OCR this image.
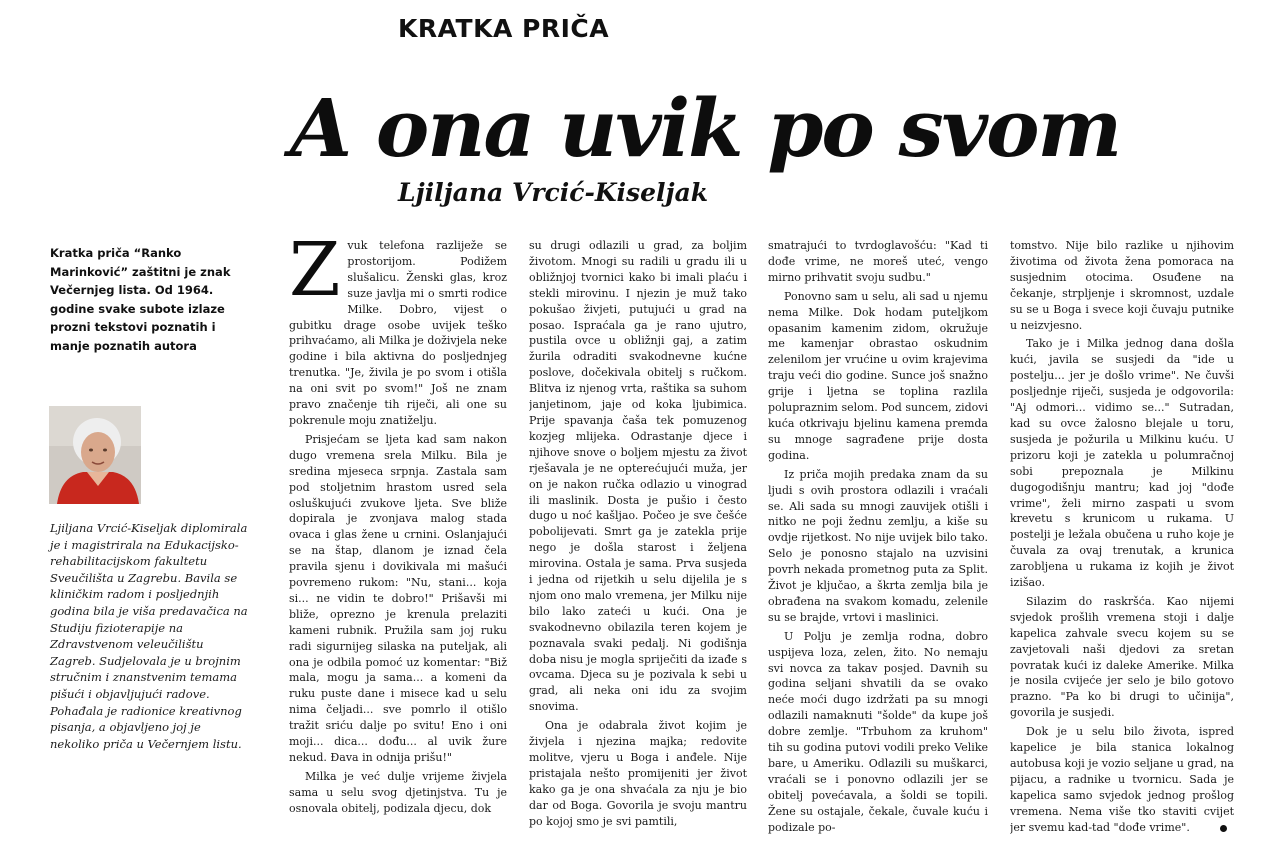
KRATKA PRIČA
A ona uvik po svom
Ljiljana Vrcić-Kiseljak
Kratka priča “Ranko Marinković” zaštitni je znak Večernjeg lista. Od 1964. godine svake subote izlaze prozni tekstovi poznatih i manje poznatih autora
Ljiljana Vrcić-Kiseljak diplomirala je i magistrirala na Edukacijsko-rehabilitacijskom fakultetu Sveučilišta u Zagrebu. Bavila se kliničkim radom i posljednjih godina bila je viša predavačica na Studiju fizioterapije na Zdravstvenom veleučilištu Zagreb. Sudjelovala je u brojnim stručnim i znanstvenim temama pišući i objavljujući radove. Pohađala je radionice kreativnog pisanja, a objavljeno joj je nekoliko priča u Večernjem listu.
Z vuk telefona razliježe se prostorijom. Podižem slušalicu. Ženski glas, kroz suze javlja mi o smrti rodice Milke. Dobro, vijest o gubitku drage osobe uvijek teško prihvaćamo, ali Milka je doživjela neke godine i bila aktivna do posljednjeg trenutka. "Je, živila je po svom i otišla na oni svit po svom!" Još ne znam pravo značenje tih riječi, ali one su pokrenule moju znatiželju.

Prisjećam se ljeta kad sam nakon dugo vremena srela Milku. Bila je sredina mjeseca srpnja. Zastala sam pod stoljetnim hrastom usred sela osluškujući zvukove ljeta. Sve bliže dopirala je zvonjava malog stada ovaca i glas žene u crnini. Oslanjajući se na štap, dlanom je iznad čela pravila sjenu i dovikivala mi mašući povremeno rukom: "Nu, stani... koja si... ne vidin te dobro!" Prišavši mi bliže, oprezno je krenula prelaziti kameni rubnik. Pružila sam joj ruku radi sigurnijeg silaska na puteljak, ali ona je odbila pomoć uz komentar: "Biž mala, mogu ja sama... a komeni da ruku puste dane i misece kad u selu nima čeljadi... sve pomrlo il otišlo tražit sriću dalje po svitu! Eno i oni moji... dica... dođu... al uvik žure nekud. Đava in odnija prišu!"

Milka je već dulje vrijeme živjela sama u selu svog djetinjstva. Tu je osnovala obitelj, podizala djecu, dok

su drugi odlazili u grad, za boljim životom. Mnogi su radili u gradu ili u obližnjoj tvornici kako bi imali plaću i stekli mirovinu. I njezin je muž tako pokušao živjeti, putujući u grad na posao. Ispraćala ga je rano ujutro, pustila ovce u obližnji gaj, a zatim žurila odraditi svakodnevne kućne poslove, dočekivala obitelj s ručkom. Blitva iz njenog vrta, raštika sa suhom janjetinom, jaje od koka ljubimica. Prije spavanja čaša tek pomuzenog kozjeg mlijeka. Odrastanje djece i njihove snove o boljem mjestu za život rješavala je ne opterećujući muža, jer on je nakon ručka odlazio u vinograd ili maslinik. Dosta je pušio i često dugo u noć kašljao. Počeo je sve češće pobolijevati. Smrt ga je zatekla prije nego je došla starost i željena mirovina. Ostala je sama. Prva susjeda i jedna od rijetkih u selu dijelila je s njom ono malo vremena, jer Milku nije bilo lako zateći u kući. Ona je svakodnevno obilazila teren kojem je poznavala svaki pedalj. Ni godišnja doba nisu je mogla spriječiti da izađe s ovcama. Djeca su je pozivala k sebi u grad, ali neka oni idu za svojim snovima.

Ona je odabrala život kojim je živjela i njezina majka; redovite molitve, vjeru u Boga i anđele. Nije pristajala nešto promijeniti jer život kako ga je ona shvaćala za nju je bio dar od Boga. Govorila je svoju mantru po kojoj smo je svi pamtili,

smatrajući to tvrdoglavošću: "Kad ti dođe vrime, ne moreš uteć, vengo mirno prihvatit svoju sudbu."

Ponovno sam u selu, ali sad u njemu nema Milke. Dok hodam puteljkom opasanim kamenim zidom, okružuje me kamenjar obrastao oskudnim zelenilom jer vrućine u ovim krajevima traju veći dio godine. Sunce još snažno grije i ljetna se toplina razlila polupraznim selom. Pod suncem, zidovi kuća otkrivaju bjelinu kamena premda su mnoge sagrađene prije dosta godina.

Iz priča mojih predaka znam da su ljudi s ovih prostora odlazili i vraćali se. Ali sada su mnogi zauvijek otišli i nitko ne poji žednu zemlju, a kiše su ovdje rijetkost. No nije uvijek bilo tako. Selo je ponosno stajalo na uzvisini povrh nekada prometnog puta za Split. Život je ključao, a škrta zemlja bila je obrađena na svakom komadu, zelenile su se brajde, vrtovi i maslinici.

U Polju je zemlja rodna, dobro uspijeva loza, zelen, žito. No nemaju svi novca za takav posjed. Davnih su godina seljani shvatili da se ovako neće moći dugo izdržati pa su mnogi odlazili namaknuti "šolde" da kupe još dobre zemlje. "Trbuhom za kruhom" tih su godina putovi vodili preko Velike bare, u Ameriku. Odlazili su muškarci, vraćali se i ponovno odlazili jer se obitelj povećavala, a šoldi se topili. Žene su ostajale, čekale, čuvale kuću i podizale po-

tomstvo. Nije bilo razlike u njihovim životima od života žena pomoraca na susjednim otocima. Osuđene na čekanje, strpljenje i skromnost, uzdale su se u Boga i svece koji čuvaju putnike u neizvjesno.

Tako je i Milka jednog dana došla kući, javila se susjedi da "ide u postelju... jer je došlo vrime". Ne čuvši posljednje riječi, susjeda je odgovorila: "Aj odmori... vidimo se..." Sutradan, kad su ovce žalosno blejale u toru, susjeda je požurila u Milkinu kuću. U prizoru koji je zatekla u polumračnoj sobi prepoznala je Milkinu dugogodišnju mantru; kad joj "dođe vrime", želi mirno zaspati u svom krevetu s krunicom u rukama. U postelji je ležala obučena u ruho koje je čuvala za ovaj trenutak, a krunica zarobljena u rukama iz kojih je život izišao.

Silazim do raskršća. Kao nijemi svjedok prošlih vremena stoji i dalje kapelica zahvale svecu kojem su se zavjetovali naši djedovi za sretan povratak kući iz daleke Amerike. Milka je nosila cvijeće jer selo je bilo gotovo prazno. "Pa ko bi drugi to učinija", govorila je susjedi.

Dok je u selu bilo života, ispred kapelice je bila stanica lokalnog autobusa koji je vozio seljane u grad, na pijacu, a radnike u tvornicu. Sada je kapelica samo svjedok jednog prošlog vremena. Nema više tko staviti cvijet jer svemu kad-tad "dođe vrime".
